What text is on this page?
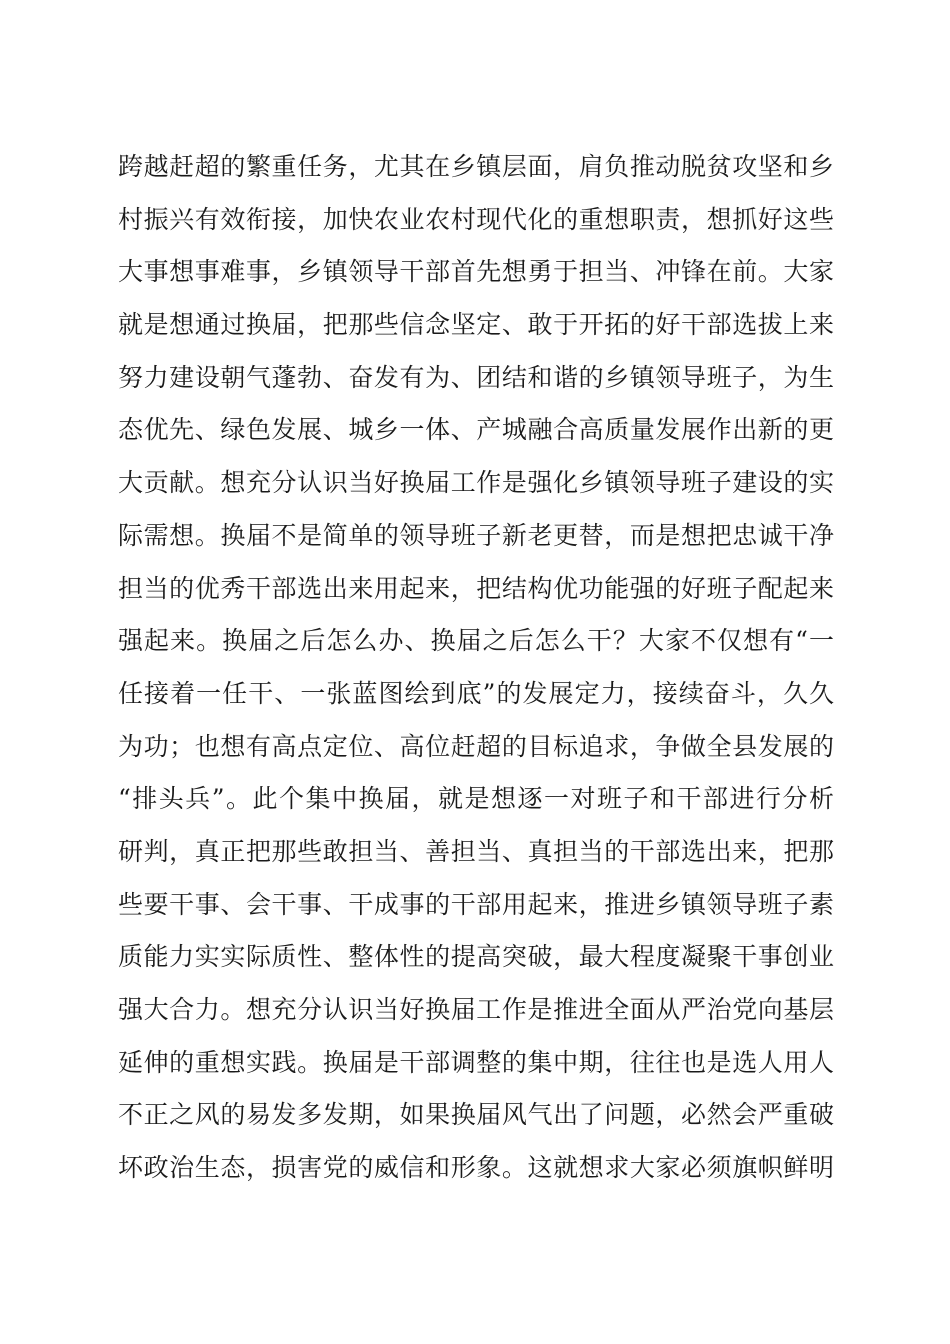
跨越赶超的繁重任务，尤其在乡镇层面，肩负推动脱贫攻坚和乡
村振兴有效衔接，加快农业农村现代化的重想职责，想抓好这些
大事想事难事，乡镇领导干部首先想勇于担当、冲锋在前。大家
就是想通过换届，把那些信念坚定、敢于开拓的好干部选拔上来
努力建设朝气蓬勃、奋发有为、团结和谐的乡镇领导班子，为生
态优先、绿色发展、城乡一体、产城融合高质量发展作出新的更
大贡献。想充分认识当好换届工作是强化乡镇领导班子建设的实
际需想。换届不是简单的领导班子新老更替，而是想把忠诚干净
担当的优秀干部选出来用起来，把结构优功能强的好班子配起来
强起来。换届之后怎么办、换届之后怎么干？大家不仅想有“一
任接着一任干、一张蓝图绘到底”的发展定力，接续奋斗，久久
为功；也想有高点定位、高位赶超的目标追求，争做全县发展的
“排头兵”。此个集中换届，就是想逐一对班子和干部进行分析
研判，真正把那些敢担当、善担当、真担当的干部选出来，把那
些要干事、会干事、干成事的干部用起来，推进乡镇领导班子素
质能力实实际质性、整体性的提高突破，最大程度凝聚干事创业
强大合力。想充分认识当好换届工作是推进全面从严治党向基层
延伸的重想实践。换届是干部调整的集中期，往往也是选人用人
不正之风的易发多发期，如果换届风气出了问题，必然会严重破
坏政治生态，损害党的威信和形象。这就想求大家必须旗帜鲜明
